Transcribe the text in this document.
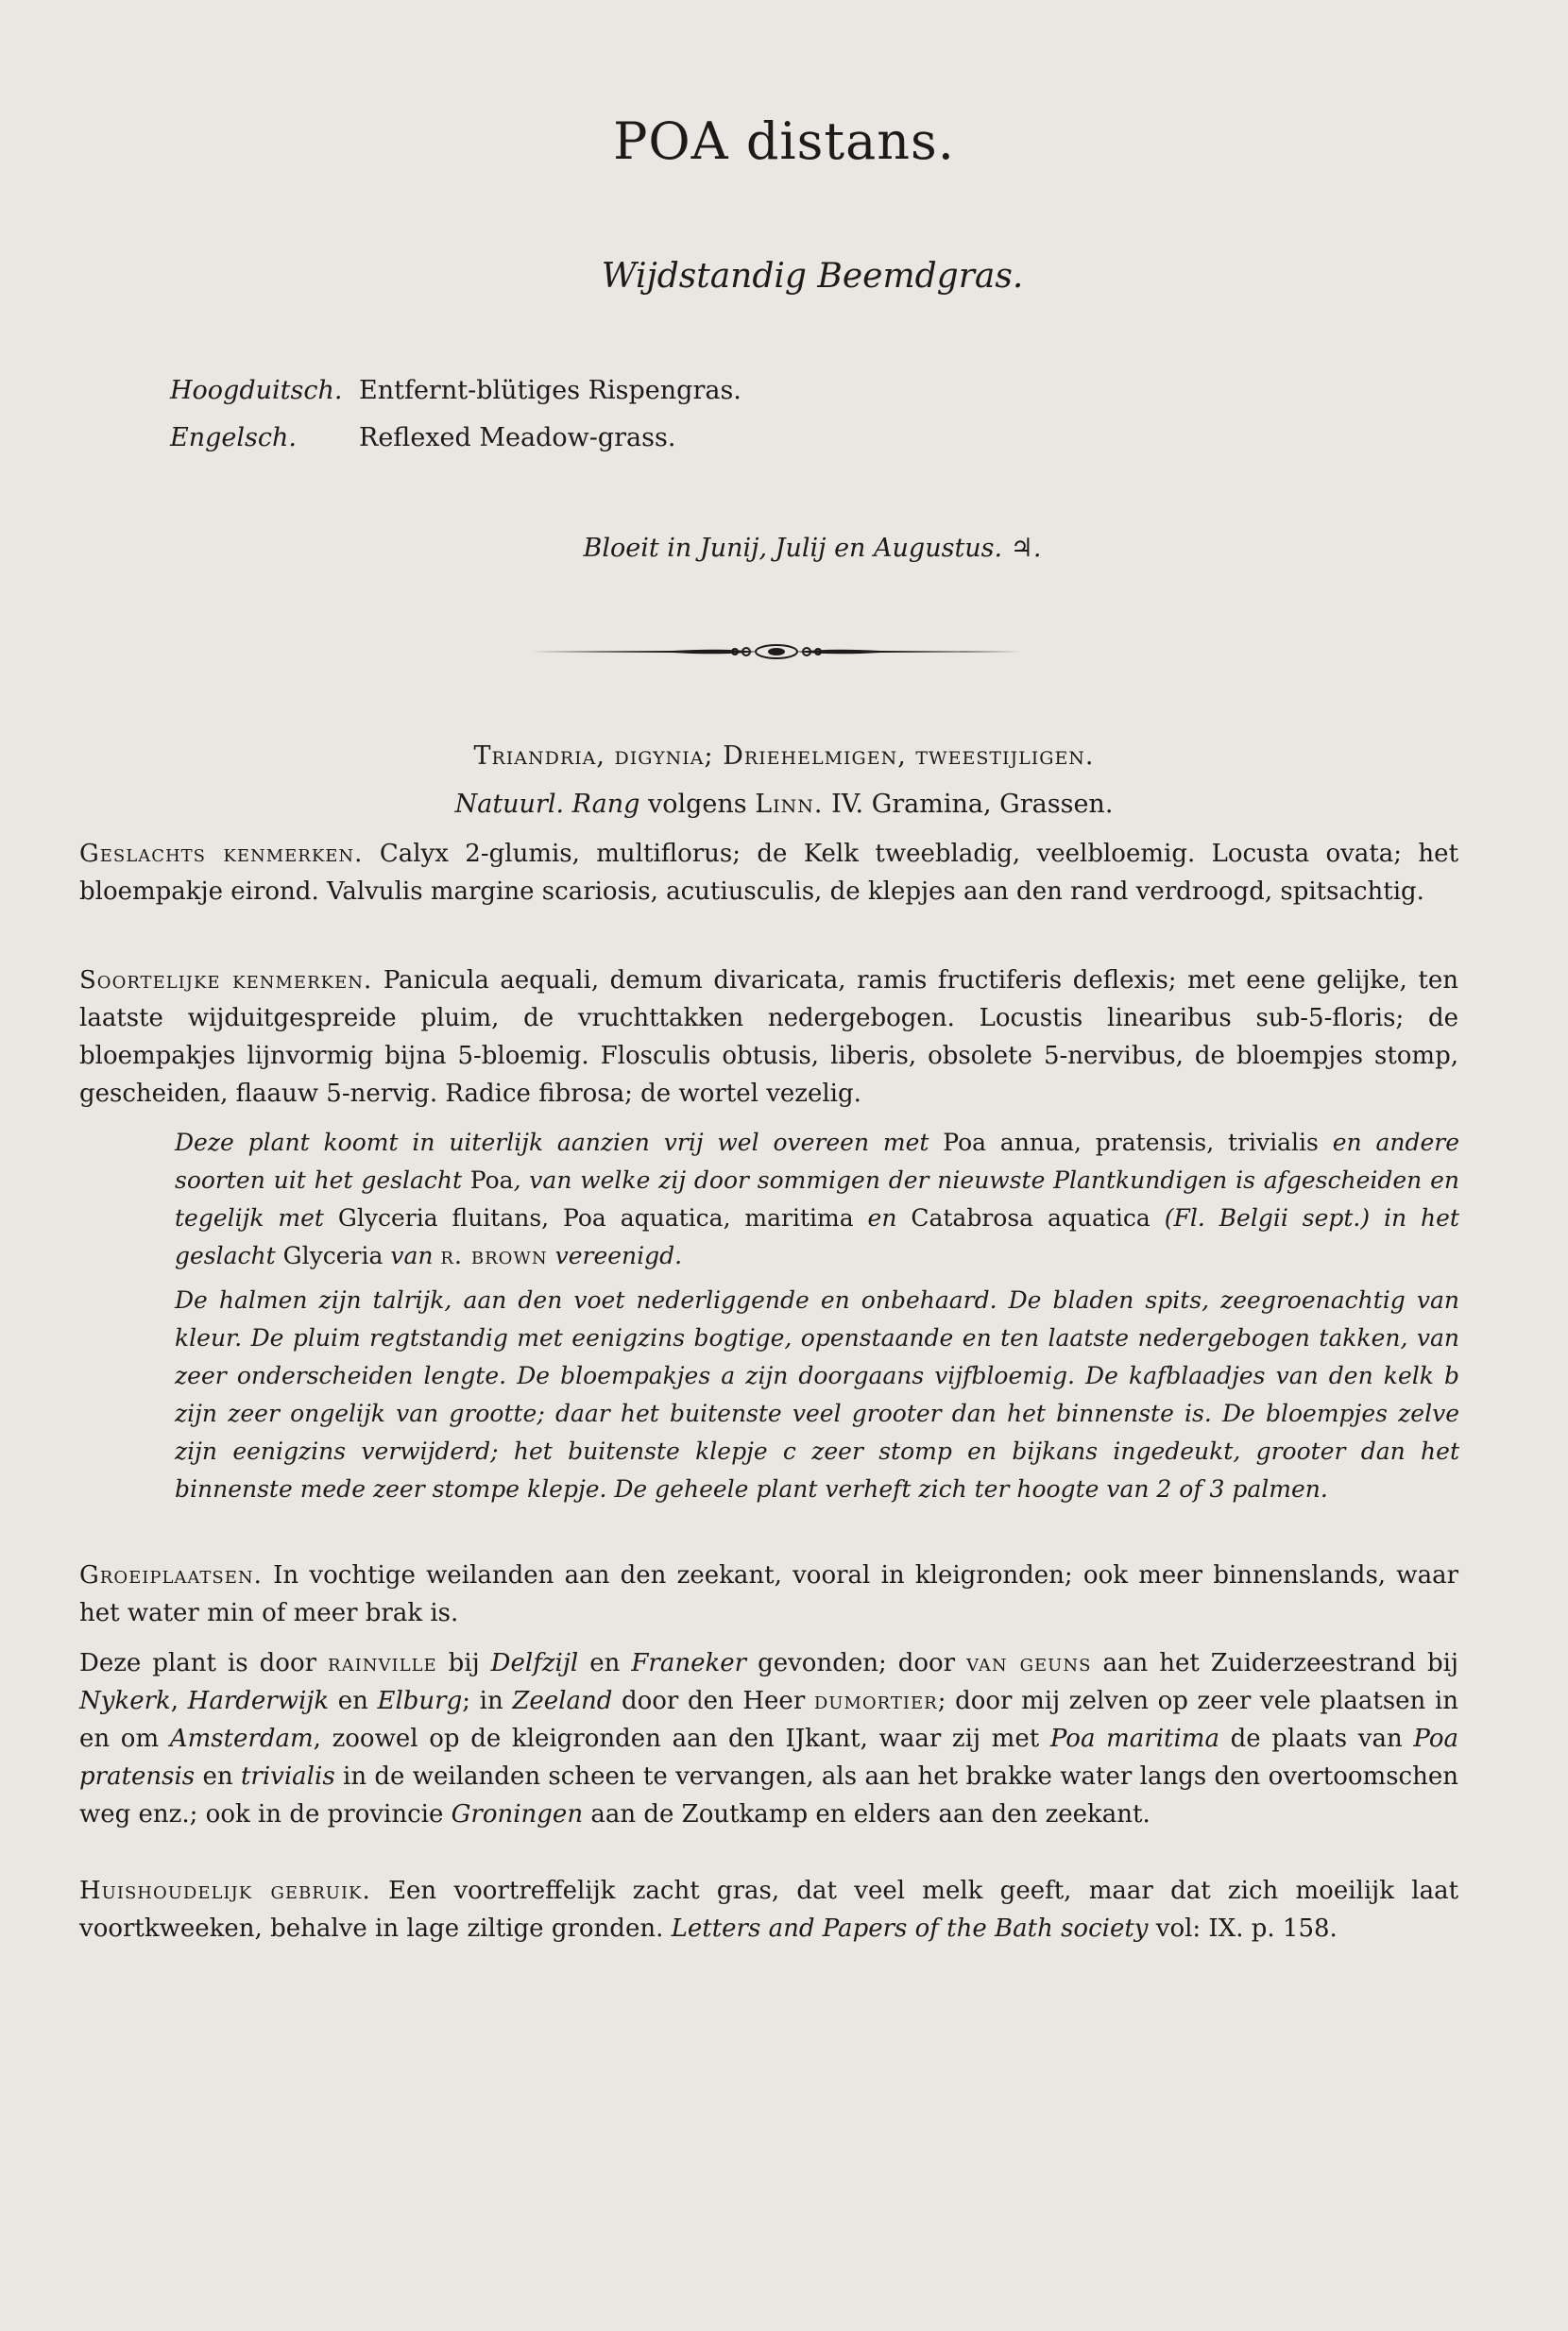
POA distans.
Wijdstandig Beemdgras.
Hoogduitsch. Entfernt-blütiges Rispengras.
Engelsch. Reflexed Meadow-grass.
Bloeit in Junij, Julij en Augustus. ♃.
Triandria, digynia; Driehelmigen, tweestijligen.
Natuurl. Rang volgens Linn. IV. Gramina, Grassen.
Geslachts kenmerken. Calyx 2-glumis, multiflorus; de Kelk tweebladig, veelbloemig. Locusta ovata; het bloempakje eirond. Valvulis margine scariosis, acutiusculis, de klepjes aan den rand verdroogd, spitsachtig.
Soortelijke kenmerken. Panicula aequali, demum divaricata, ramis fructiferis deflexis; met eene gelijke, ten laatste wijduitgespreide pluim, de vruchttakken nedergebogen. Locustis linearibus sub-5-floris; de bloempakjes lijnvormig bijna 5-bloemig. Flosculis obtusis, liberis, obsolete 5-nervibus, de bloempjes stomp, gescheiden, flaauw 5-nervig. Radice fibrosa; de wortel vezelig.
Deze plant koomt in uiterlijk aanzien vrij wel overeen met Poa annua, pratensis, trivialis en andere soorten uit het geslacht Poa, van welke zij door sommigen der nieuwste Plantkundigen is afgescheiden en tegelijk met Glyceria fluitans, Poa aquatica, maritima en Catabrosa aquatica (Fl. Belgii sept.) in het geslacht Glyceria van r. brown vereenigd.
De halmen zijn talrijk, aan den voet nederliggende en onbehaard. De bladen spits, zeegroenachtig van kleur. De pluim regtstandig met eenigzins bogtige, openstaande en ten laatste nedergebogen takken, van zeer onderscheiden lengte. De bloempakjes a zijn doorgaans vijfbloemig. De kafblaadjes van den kelk b zijn zeer ongelijk van grootte; daar het buitenste veel grooter dan het binnenste is. De bloempjes zelve zijn eenigzins verwijderd; het buitenste klepje c zeer stomp en bijkans ingedeukt, grooter dan het binnenste mede zeer stompe klepje. De geheele plant verheft zich ter hoogte van 2 of 3 palmen.
Groeiplaatsen. In vochtige weilanden aan den zeekant, vooral in kleigronden; ook meer binnenslands, waar het water min of meer brak is.
Deze plant is door rainville bij Delfzijl en Franeker gevonden; door van geuns aan het Zuiderzeestrand bij Nykerk, Harderwijk en Elburg; in Zeeland door den Heer dumortier; door mij zelven op zeer vele plaatsen in en om Amsterdam, zoowel op de kleigronden aan den IJkant, waar zij met Poa maritima de plaats van Poa pratensis en trivialis in de weilanden scheen te vervangen, als aan het brakke water langs den overtoomschen weg enz.; ook in de provincie Groningen aan de Zoutkamp en elders aan den zeekant.
Huishoudelijk gebruik. Een voortreffelijk zacht gras, dat veel melk geeft, maar dat zich moeilijk laat voortkweeken, behalve in lage ziltige gronden. Letters and Papers of the Bath society vol: IX. p. 158.
